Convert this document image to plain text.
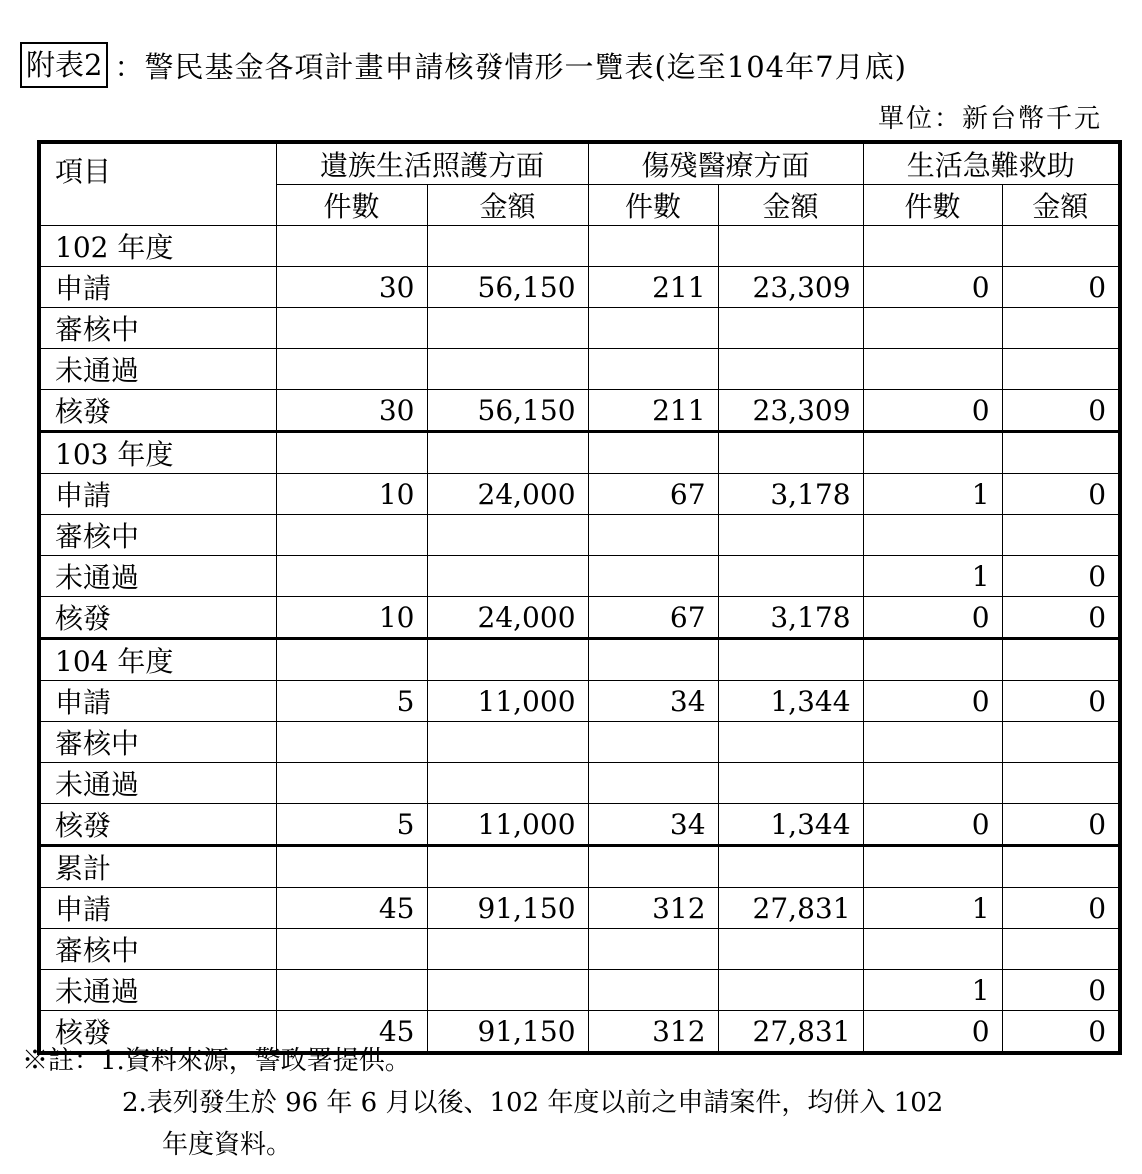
附表2 ：警民基金各項計畫申請核發情形一覽表(迄至104年7月底)
單位：新台幣千元
項目	遺族生活照護方面		傷殘醫療方面		生活急難救助	
	件數	金額	件數	金額	件數	金額
102 年度						
申請	30	56,150	211	23,309	0	0
審核中						
未通過						
核發	30	56,150	211	23,309	0	0
103 年度						
申請	10	24,000	67	3,178	1	0
審核中						
未通過					1	0
核發	10	24,000	67	3,178	0	0
104 年度						
申請	5	11,000	34	1,344	0	0
審核中						
未通過						
核發	5	11,000	34	1,344	0	0
累計						
申請	45	91,150	312	27,831	1	0
審核中						
未通過					1	0
核發	45	91,150	312	27,831	0	0
※註：1.資料來源，警政署提供。
2.表列發生於 96 年 6 月以後、102 年度以前之申請案件，均併入 102
年度資料。
